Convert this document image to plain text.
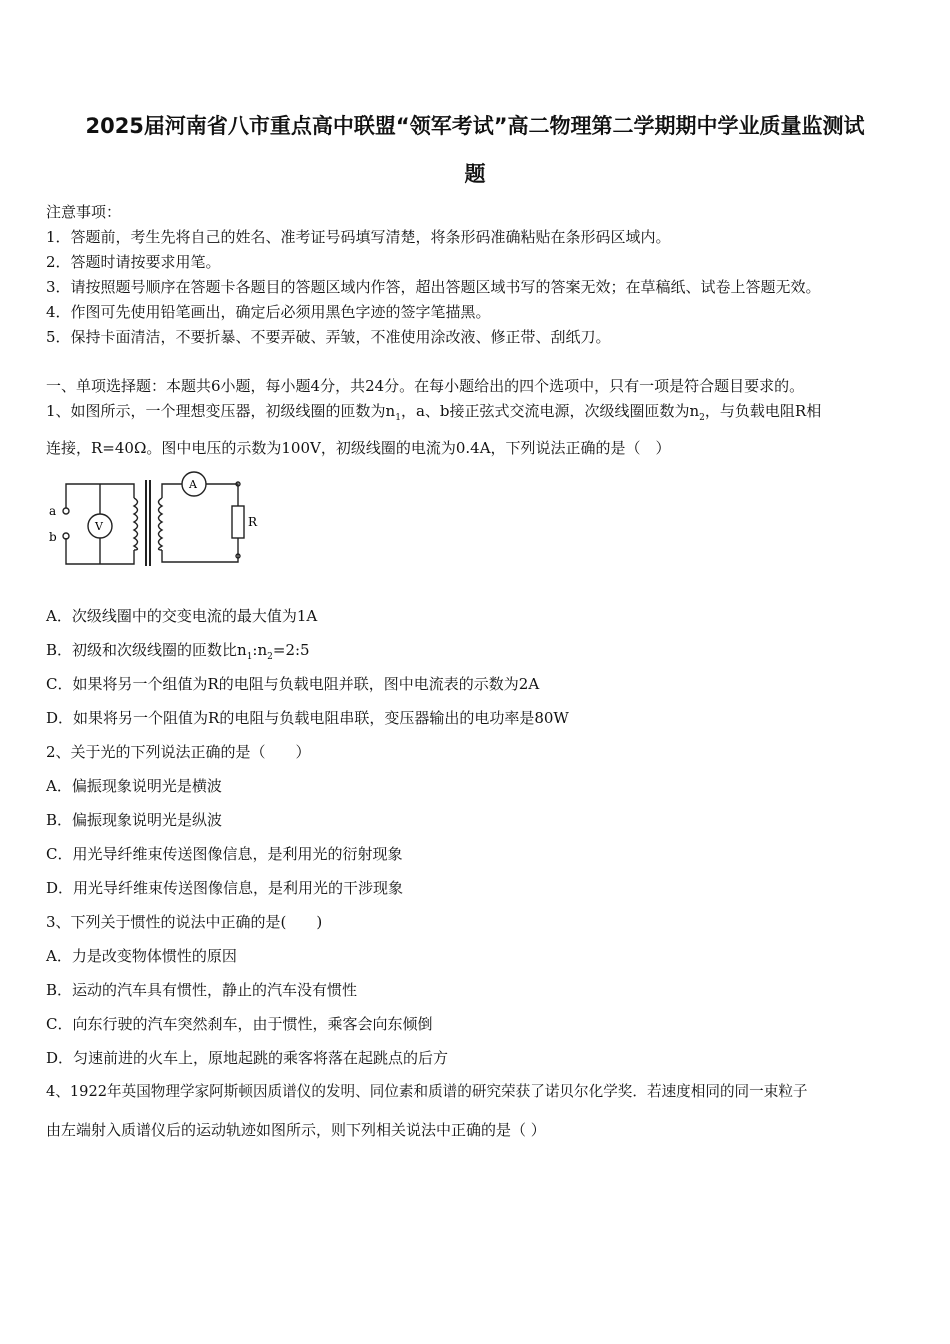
2025届河南省八市重点高中联盟“领军考试”高二物理第二学期期中学业质量监测试
题
注意事项：
1．答题前，考生先将自己的姓名、准考证号码填写清楚，将条形码准确粘贴在条形码区域内。
2．答题时请按要求用笔。
3．请按照题号顺序在答题卡各题目的答题区域内作答，超出答题区域书写的答案无效；在草稿纸、试卷上答题无效。
4．作图可先使用铅笔画出，确定后必须用黑色字迹的签字笔描黑。
5．保持卡面清洁，不要折暴、不要弄破、弄皱，不准使用涂改液、修正带、刮纸刀。
一、单项选择题：本题共6小题，每小题4分，共24分。在每小题给出的四个选项中，只有一项是符合题目要求的。
1、如图所示，一个理想变压器，初级线圈的匝数为$n_1$，a、b接正弦式交流电源，次级线圈匝数为$n_2$，与负载电阻R相
连接，R=40Ω。图中电压的示数为100V，初级线圈的电流为0.4A，下列说法正确的是（　）
a
b
V
A
R
A．次级线圈中的交变电流的最大值为1A
B．初级和次级线圈的匝数比$n_1:n_2=2:5$
C．如果将另一个组值为R的电阻与负载电阻并联，图中电流表的示数为2A
D．如果将另一个阻值为R的电阻与负载电阻串联，变压器输出的电功率是80W
2、关于光的下列说法正确的是（　　）
A．偏振现象说明光是横波
B．偏振现象说明光是纵波
C．用光导纤维束传送图像信息，是利用光的衍射现象
D．用光导纤维束传送图像信息，是利用光的干涉现象
3、下列关于惯性的说法中正确的是(　　)
A．力是改变物体惯性的原因
B．运动的汽车具有惯性，静止的汽车没有惯性
C．向东行驶的汽车突然刹车，由于惯性，乘客会向东倾倒
D．匀速前进的火车上，原地起跳的乘客将落在起跳点的后方
4、1922年英国物理学家阿斯顿因质谱仪的发明、同位素和质谱的研究荣获了诺贝尔化学奖．若速度相同的同一束粒子
由左端射入质谱仪后的运动轨迹如图所示，则下列相关说法中正确的是（ ）
